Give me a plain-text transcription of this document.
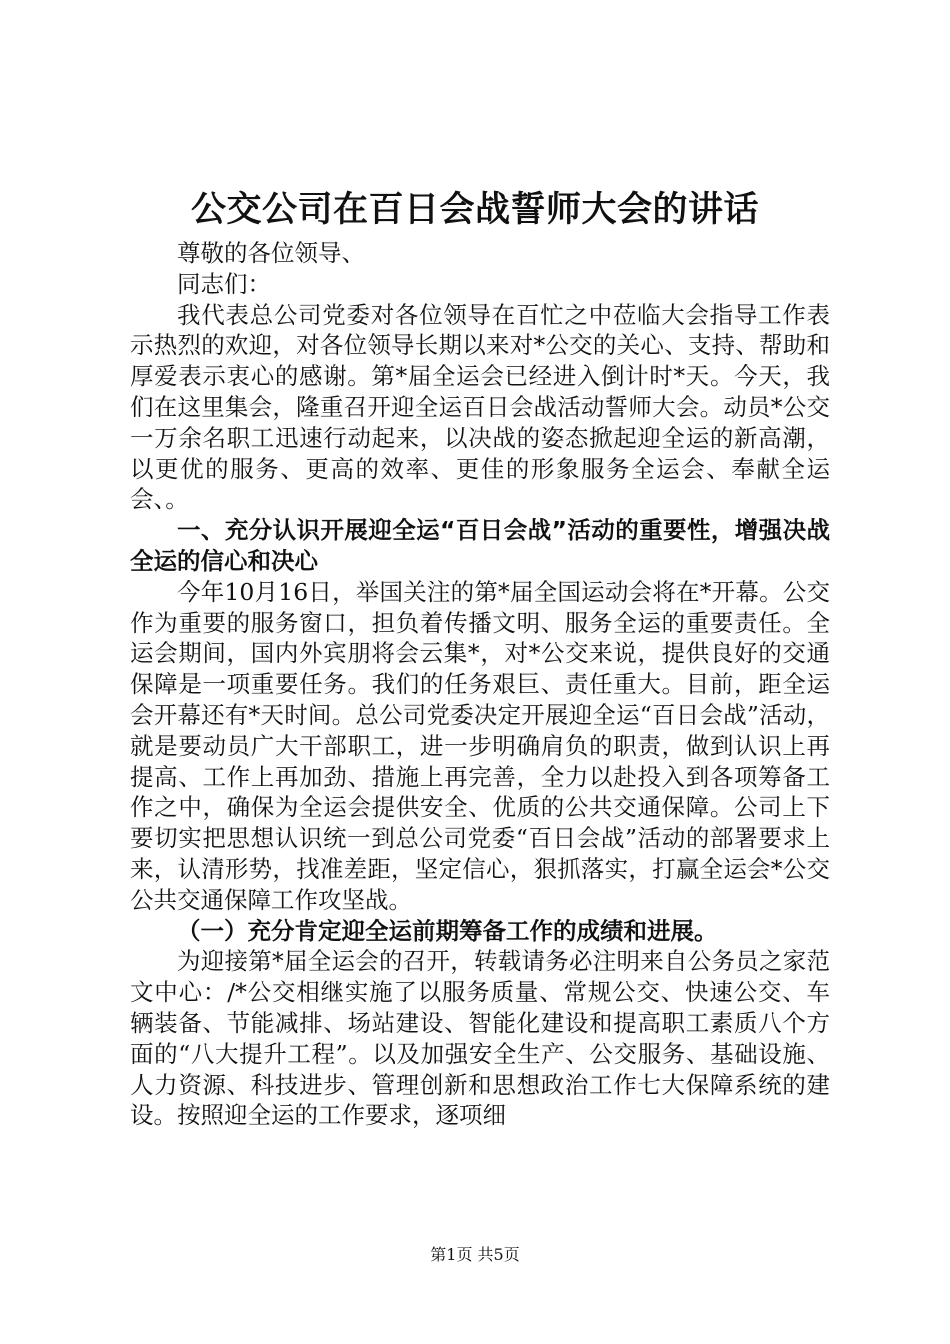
公交公司在百日会战誓师大会的讲话

尊敬的各位领导、

同志们：

我代表总公司党委对各位领导在百忙之中莅临大会指导工作表示热烈的欢迎，对各位领导长期以来对*公交的关心、支持、帮助和厚爱表示衷心的感谢。第*届全运会已经进入倒计时*天。今天，我们在这里集会，隆重召开迎全运百日会战活动誓师大会。动员*公交一万余名职工迅速行动起来，以决战的姿态掀起迎全运的新高潮，以更优的服务、更高的效率、更佳的形象服务全运会、奉献全运会、。

一、充分认识开展迎全运“百日会战”活动的重要性，增强决战全运的信心和决心

今年10月16日，举国关注的第*届全国运动会将在*开幕。公交作为重要的服务窗口，担负着传播文明、服务全运的重要责任。全运会期间，国内外宾朋将会云集*，对*公交来说，提供良好的交通保障是一项重要任务。我们的任务艰巨、责任重大。目前，距全运会开幕还有*天时间。总公司党委决定开展迎全运“百日会战”活动，就是要动员广大干部职工，进一步明确肩负的职责，做到认识上再提高、工作上再加劲、措施上再完善，全力以赴投入到各项筹备工作之中，确保为全运会提供安全、优质的公共交通保障。公司上下要切实把思想认识统一到总公司党委“百日会战”活动的部署要求上来，认清形势，找准差距，坚定信心，狠抓落实，打赢全运会*公交公共交通保障工作攻坚战。

（一）充分肯定迎全运前期筹备工作的成绩和进展。

为迎接第*届全运会的召开，转载请务必注明来自公务员之家范文中心：/*公交相继实施了以服务质量、常规公交、快速公交、车辆装备、节能减排、场站建设、智能化建设和提高职工素质八个方面的“八大提升工程”。以及加强安全生产、公交服务、基础设施、人力资源、科技进步、管理创新和思想政治工作七大保障系统的建设。按照迎全运的工作要求，逐项细

第1页 共5页
